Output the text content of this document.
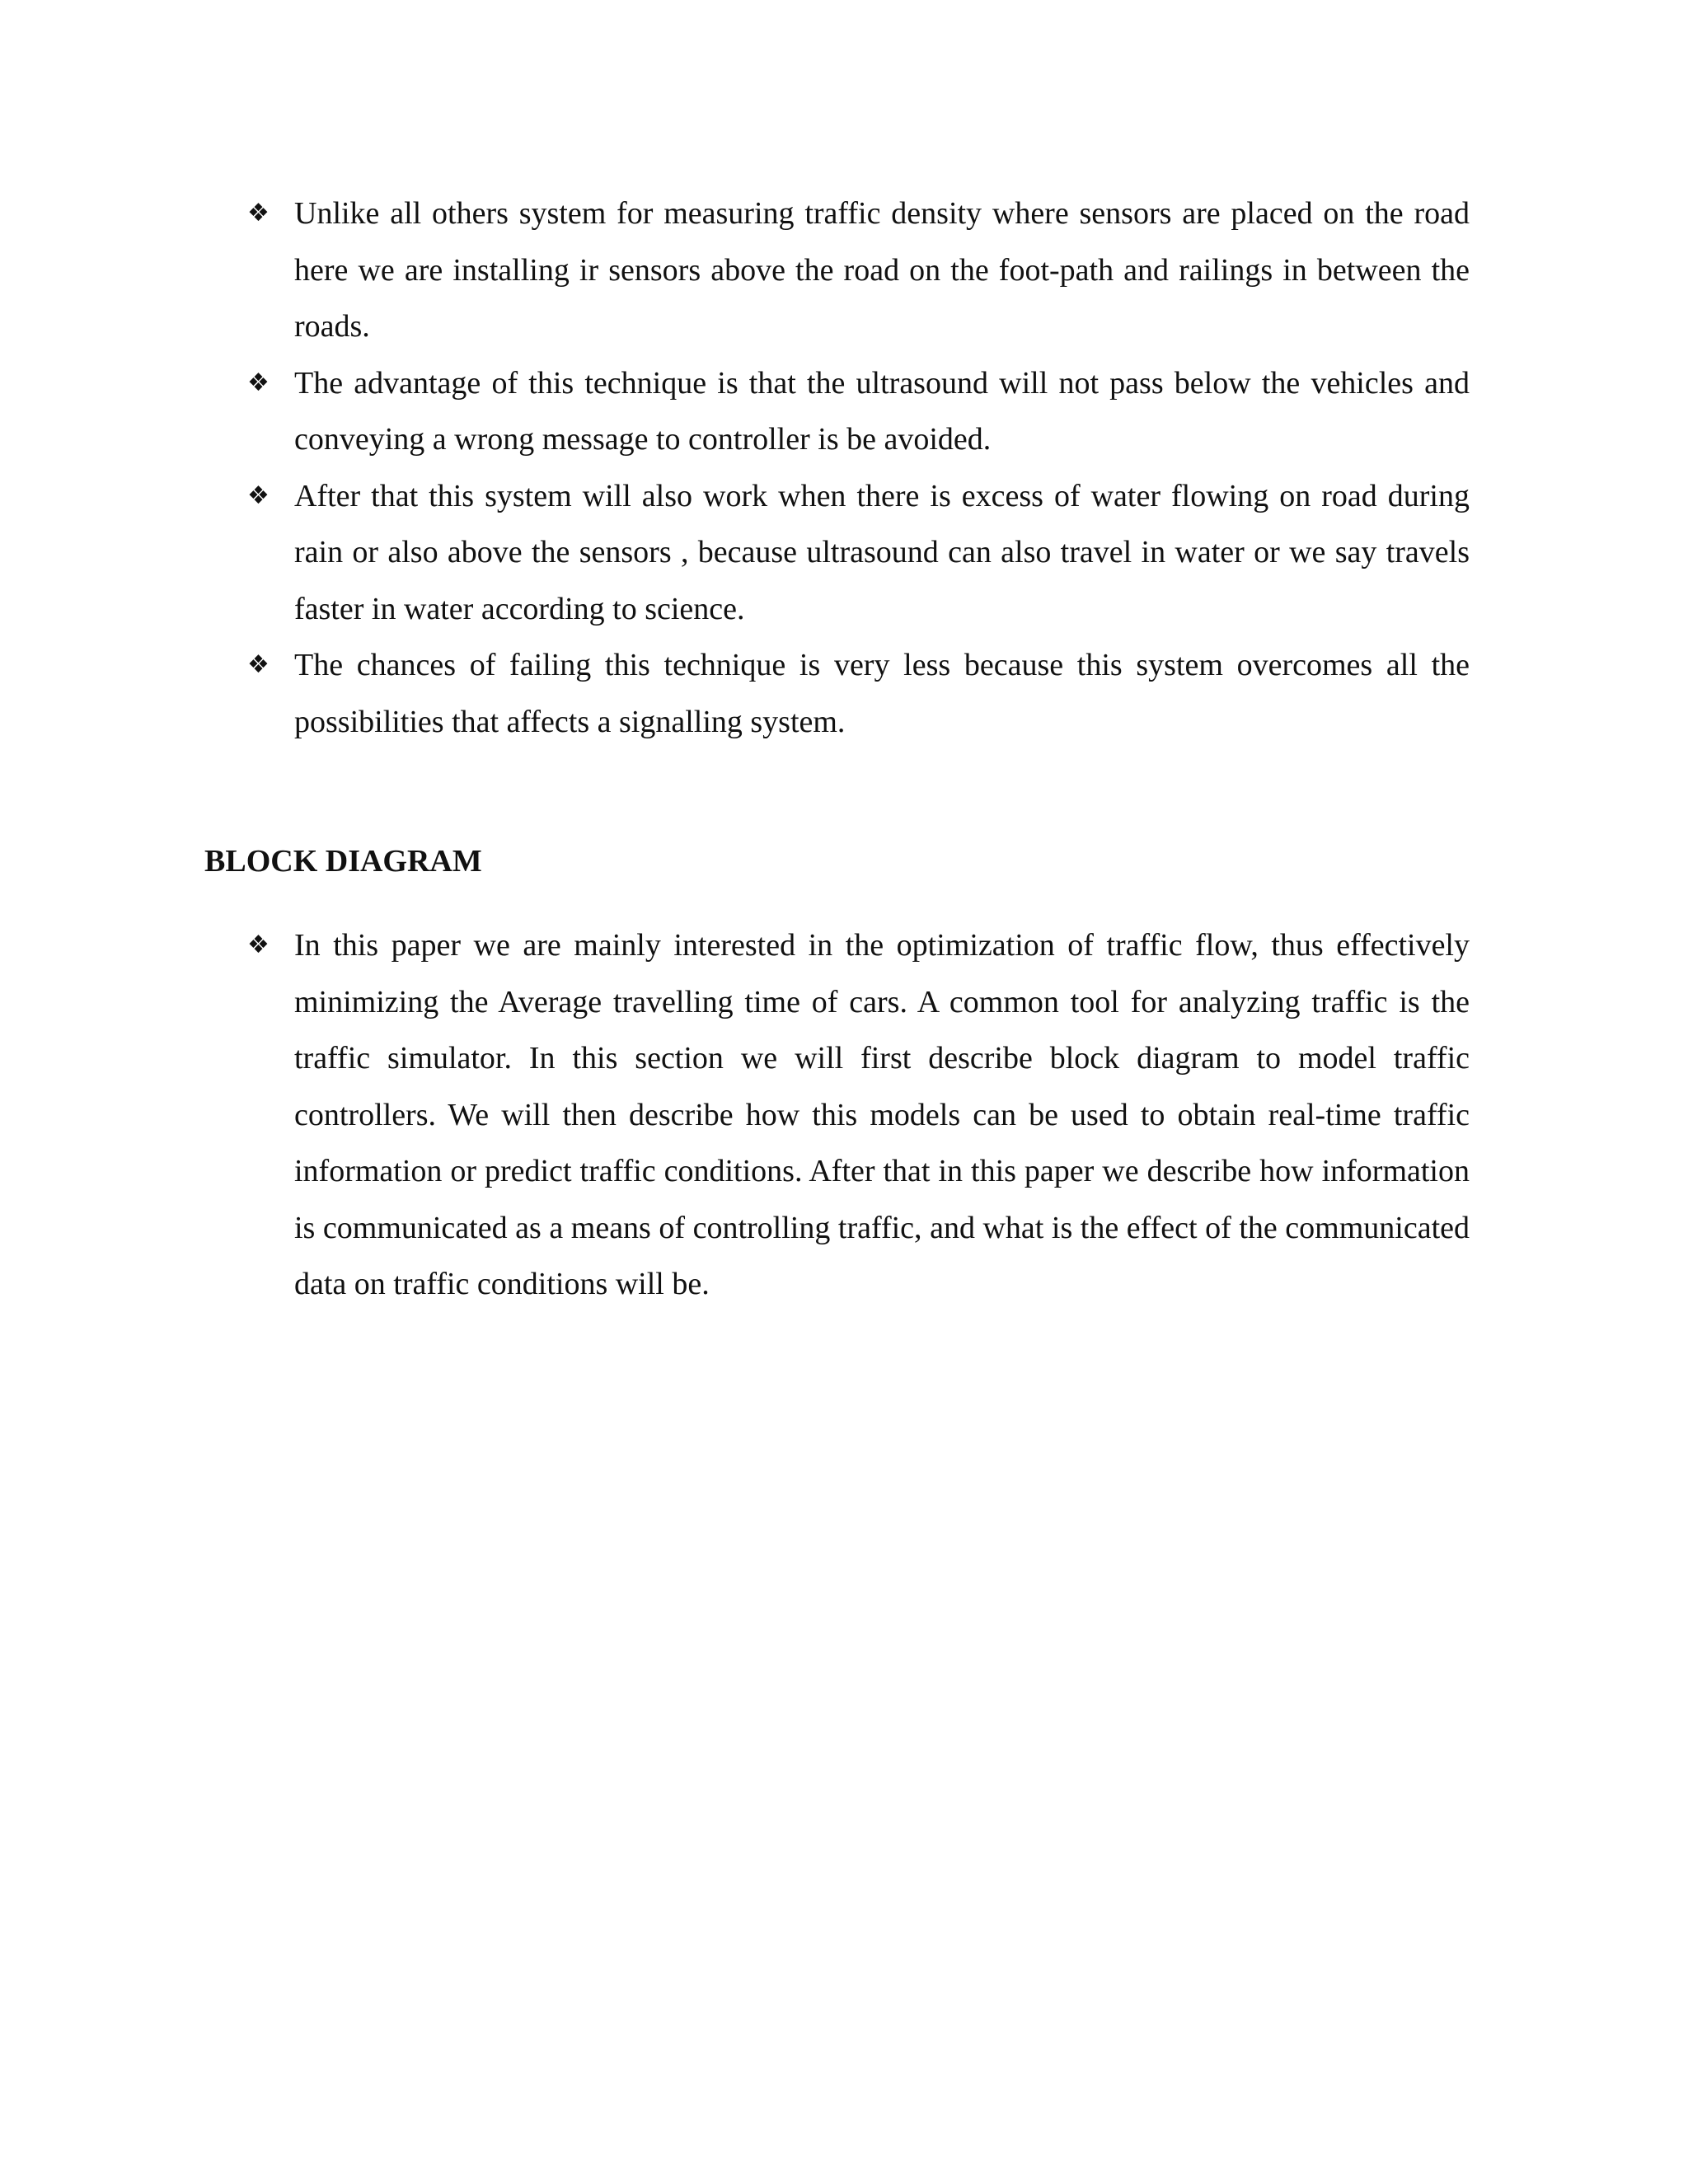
❖ Unlike all others system for measuring traffic density where sensors are placed on the road here we are installing ir sensors above the road on the foot-path and railings in between the roads.
❖ The advantage of this technique is that the ultrasound will not pass below the vehicles and conveying a wrong message to controller is be avoided.
❖ After that this system will also work when there is excess of water flowing on road during rain or also above the sensors , because ultrasound can also travel in water or we say travels faster in water according to science.
❖ The chances of failing this technique is very less because this system overcomes all the possibilities that affects a signalling system.
BLOCK DIAGRAM
❖ In this paper we are mainly interested in the optimization of traffic flow, thus effectively minimizing the Average travelling time of cars. A common tool for analyzing traffic is the traffic simulator. In this section we will first describe block diagram to model traffic controllers. We will then describe how this models can be used to obtain real-time traffic information or predict traffic conditions. After that in this paper we describe how information is communicated as a means of controlling traffic, and what is the effect of the communicated data on traffic conditions will be.
